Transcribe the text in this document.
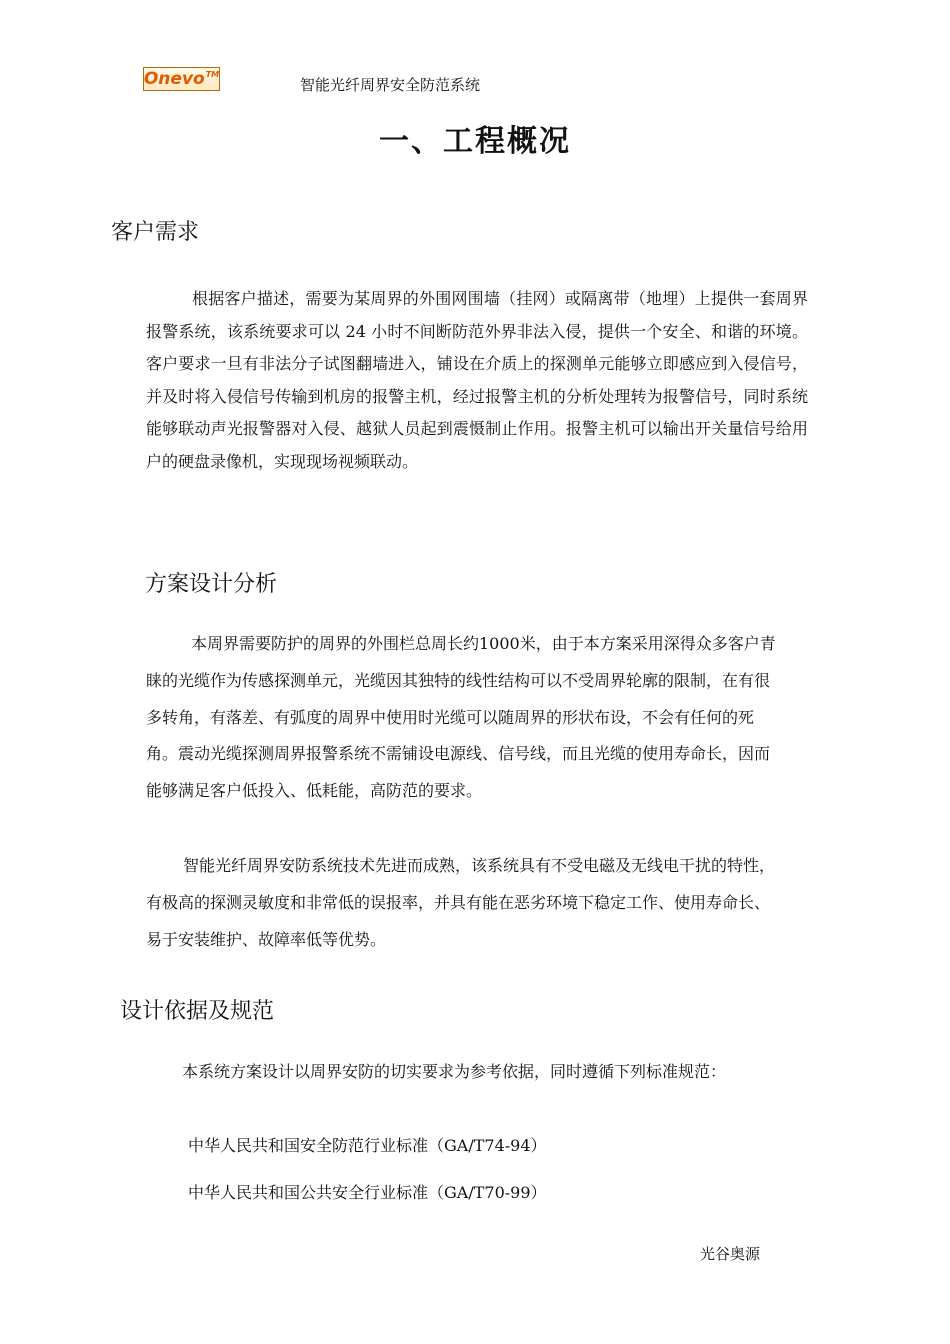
Onevo™
智能光纤周界安全防范系统
一、工程概况
客户需求

根据客户描述，需要为某周界的外围网围墙（挂网）或隔离带（地埋）上提供一套周界报警系统，该系统要求可以 24 小时不间断防范外界非法入侵，提供一个安全、和谐的环境。客户要求一旦有非法分子试图翻墙进入，铺设在介质上的探测单元能够立即感应到入侵信号，并及时将入侵信号传输到机房的报警主机，经过报警主机的分析处理转为报警信号，同时系统能够联动声光报警器对入侵、越狱人员起到震慑制止作用。报警主机可以输出开关量信号给用户的硬盘录像机，实现现场视频联动。

方案设计分析

本周界需要防护的周界的外围栏总周长约1000米，由于本方案采用深得众多客户青睐的光缆作为传感探测单元，光缆因其独特的线性结构可以不受周界轮廓的限制，在有很多转角，有落差、有弧度的周界中使用时光缆可以随周界的形状布设，不会有任何的死角。震动光缆探测周界报警系统不需铺设电源线、信号线，而且光缆的使用寿命长，因而能够满足客户低投入、低耗能，高防范的要求。

智能光纤周界安防系统技术先进而成熟，该系统具有不受电磁及无线电干扰的特性，有极高的探测灵敏度和非常低的误报率，并具有能在恶劣环境下稳定工作、使用寿命长、易于安装维护、故障率低等优势。

设计依据及规范

本系统方案设计以周界安防的切实要求为参考依据，同时遵循下列标准规范：

中华人民共和国安全防范行业标准（GA/T74-94）
中华人民共和国公共安全行业标准（GA/T70-99）
光谷奥源
